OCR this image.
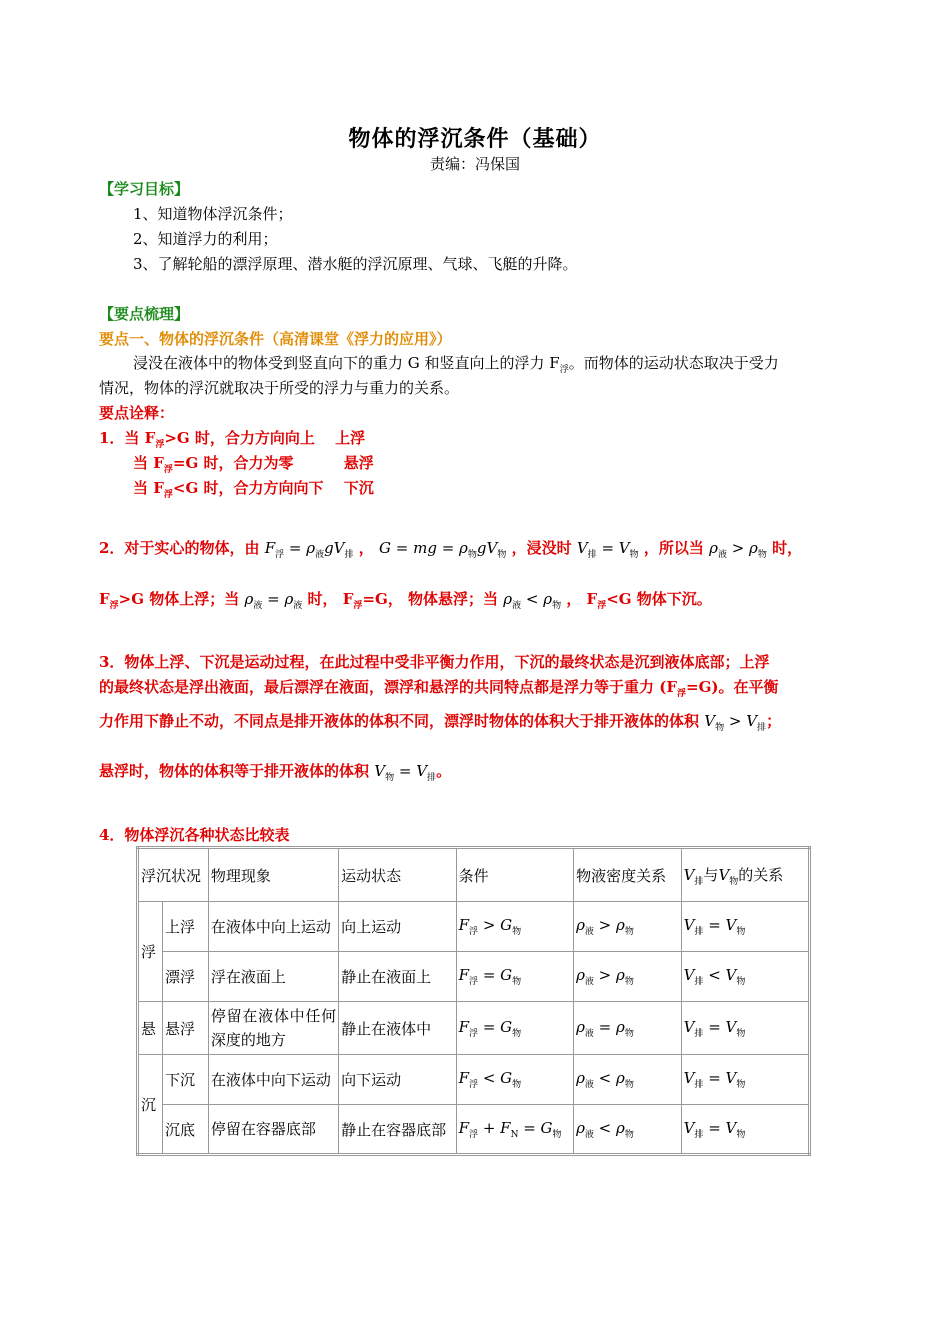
物体的浮沉条件（基础）
责编：冯保国
【学习目标】
1、知道物体浮沉条件；
2、知道浮力的利用；
3、了解轮船的漂浮原理、潜水艇的浮沉原理、气球、飞艇的升降。
【要点梳理】
要点一、物体的浮沉条件（高清课堂《浮力的应用》）
浸没在液体中的物体受到竖直向下的重力 G 和竖直向上的浮力 $F_浮$。而物体的运动状态取决于受力
情况，物体的浮沉就取决于所受的浮力与重力的关系。
要点诠释：
1．当 $F_浮>G$ 时，合力方向向上　 上浮
当 $F_浮=G$ 时，合力为零　　　 悬浮
当 $F_浮<G$ 时，合力方向向下　 下沉
2．对于实心的物体，由 $F_浮 = \rho_液gV_排$ ， G = mg = $\rho_物gV_物$ ，浸没时 $V_排 = V_物$ ，所以当 $\rho_液 > \rho_物$ 时，
$F_浮>G$ 物体上浮；当 $\rho_液 = \rho_液$ 时， $F_浮=G$， 物体悬浮；当 $\rho_液 < \rho_物$ ， $F_浮<G$ 物体下沉。
3．物体上浮、下沉是运动过程，在此过程中受非平衡力作用，下沉的最终状态是沉到液体底部；上浮
的最终状态是浮出液面，最后漂浮在液面，漂浮和悬浮的共同特点都是浮力等于重力 $(F_浮=G)$。在平衡
力作用下静止不动，不同点是排开液体的体积不同，漂浮时物体的体积大于排开液体的体积 $V_物 > V_排$；
悬浮时，物体的体积等于排开液体的体积 $V_物 = V_排$。
4．物体浮沉各种状态比较表
浮沉状况		物理现象	运动状态	条件	物液密度关系	$V_排$与$V_物$的关系
浮	上浮	在液体中向上运动	向上运动	$F_浮 > G_物$	$\rho_液 > \rho_物$	$V_排 = V_物$
	漂浮	浮在液面上	静止在液面上	$F_浮 = G_物$	$\rho_液 > \rho_物$	$V_排 < V_物$
悬	悬浮	停留在液体中任何深度的地方	静止在液体中	$F_浮 = G_物$	$\rho_液 = \rho_物$	$V_排 = V_物$
沉	下沉	在液体中向下运动	向下运动	$F_浮 < G_物$	$\rho_液 < \rho_物$	$V_排 = V_物$
	沉底	停留在容器底部	静止在容器底部	$F_浮 + F_N = G_物$	$\rho_液 < \rho_物$	$V_排 = V_物$
